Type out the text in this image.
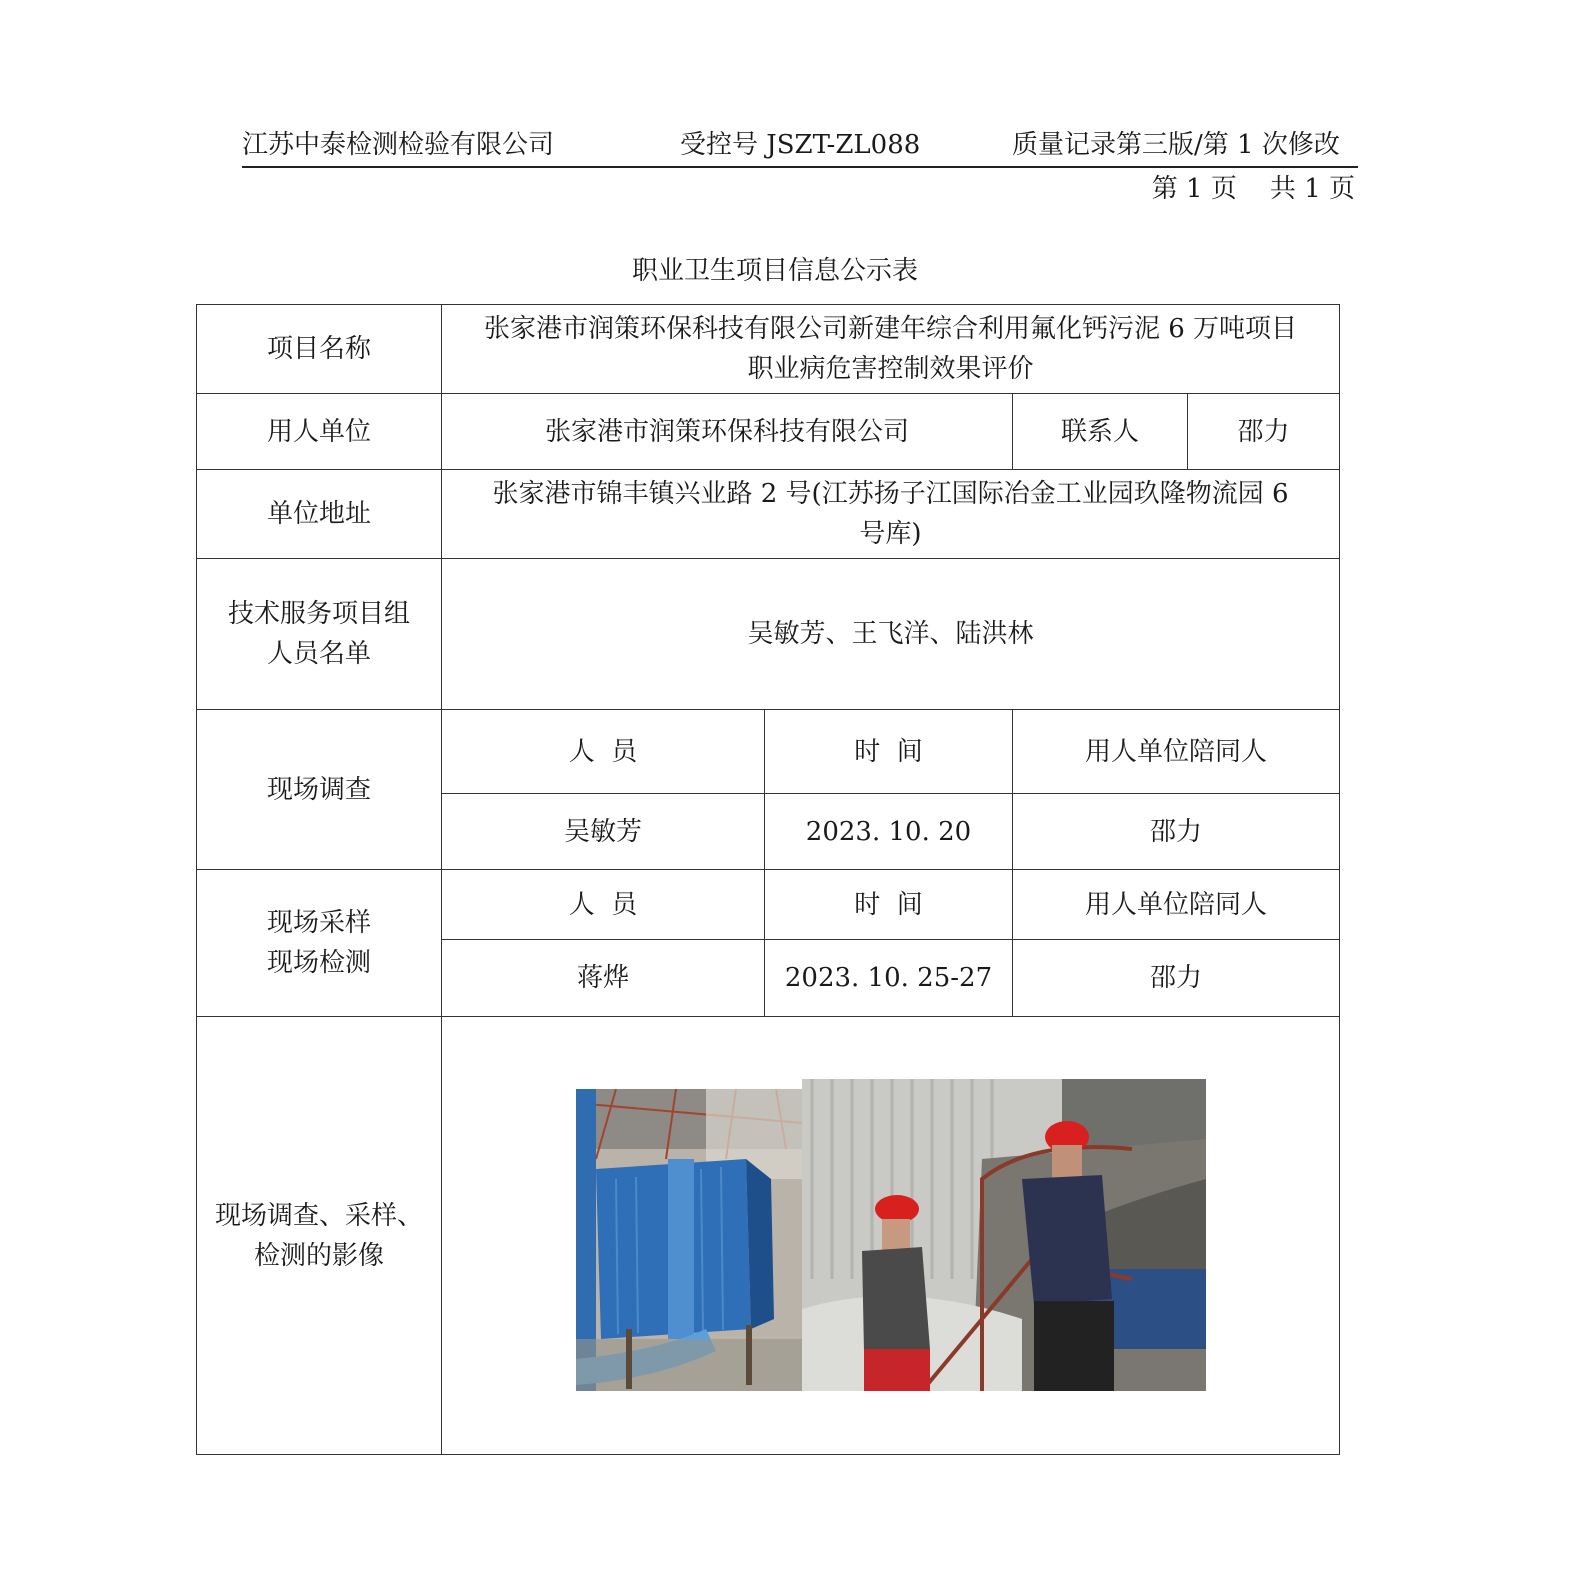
江苏中泰检测检验有限公司	受控号 JSZT-ZL088	质量记录第三版/第 1 次修改
第 1 页    共 1 页
职业卫生项目信息公示表
项目名称	张家港市润策环保科技有限公司新建年综合利用氟化钙污泥 6 万吨项目
职业病危害控制效果评价			

用人单位	张家港市润策环保科技有限公司		联系人	邵力
单位地址	张家港市锦丰镇兴业路 2 号(江苏扬子江国际冶金工业园玖隆物流园 6
号库)			

技术服务项目组
人员名单	吴敏芳、王飞洋、陆洪林			
现场调查	人  员	时  间	用人单位陪同人	
	吴敏芳	2023. 10. 20	邵力	

现场采样
现场检测	人  员	时  间	用人单位陪同人	
	蒋烨	2023. 10. 25-27	邵力	

现场调查、采样、
检测的影像
